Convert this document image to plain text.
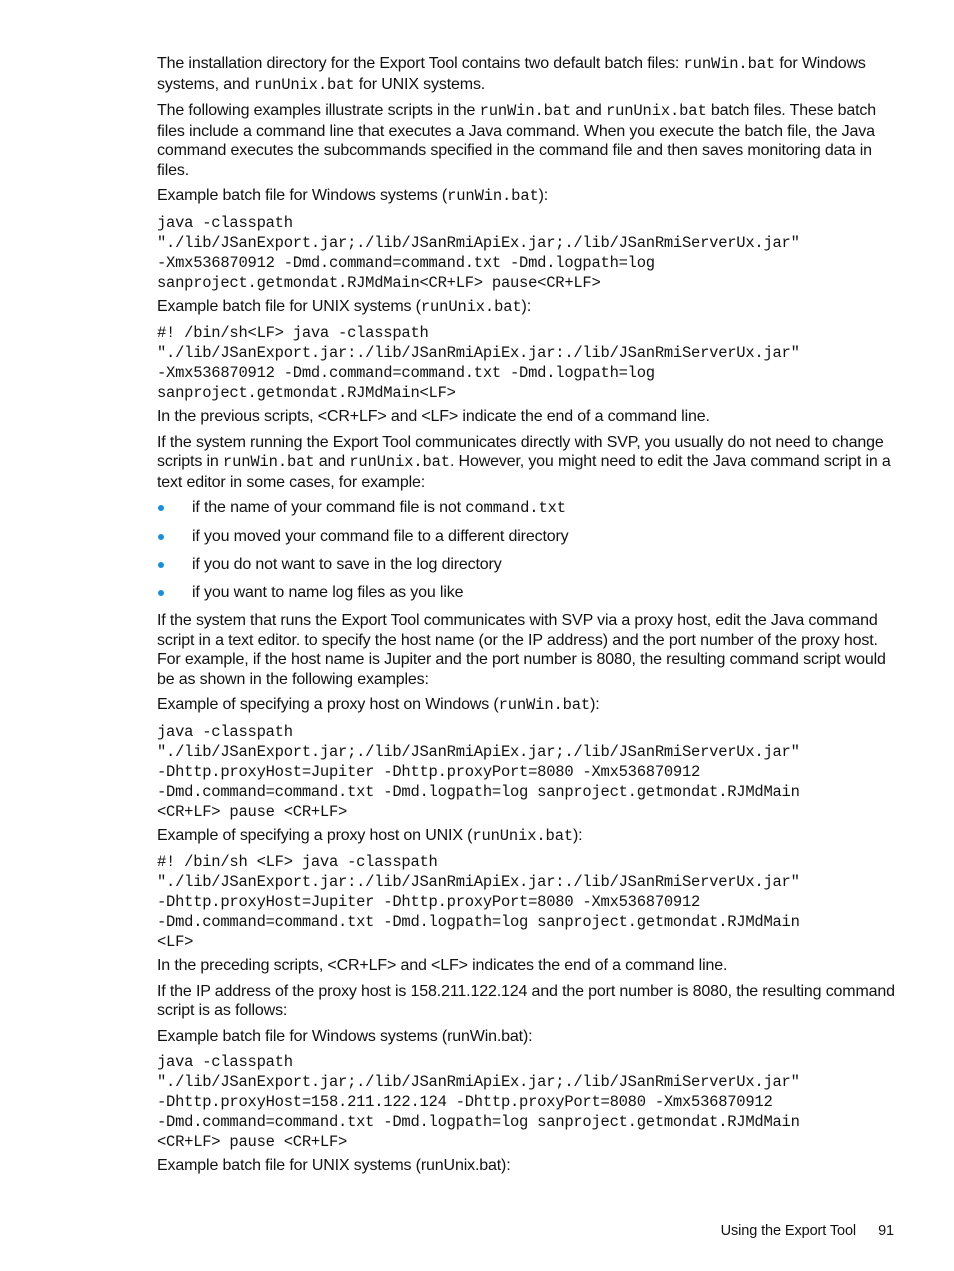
The installation directory for the Export Tool contains two default batch files: runWin.bat for Windows systems, and runUnix.bat for UNIX systems.

The following examples illustrate scripts in the runWin.bat and runUnix.bat batch files. These batch files include a command line that executes a Java command. When you execute the batch file, the Java command executes the subcommands specified in the command file and then saves monitoring data in files.

Example batch file for Windows systems (runWin.bat):

java -classpath
"./lib/JSanExport.jar;./lib/JSanRmiApiEx.jar;./lib/JSanRmiServerUx.jar"
-Xmx536870912 -Dmd.command=command.txt -Dmd.logpath=log
sanproject.getmondat.RJMdMain<CR+LF> pause<CR+LF>

Example batch file for UNIX systems (runUnix.bat):

#! /bin/sh<LF> java -classpath
"./lib/JSanExport.jar:./lib/JSanRmiApiEx.jar:./lib/JSanRmiServerUx.jar"
-Xmx536870912 -Dmd.command=command.txt -Dmd.logpath=log
sanproject.getmondat.RJMdMain<LF>

In the previous scripts, <CR+LF> and <LF> indicate the end of a command line.

If the system running the Export Tool communicates directly with SVP, you usually do not need to change scripts in runWin.bat and runUnix.bat. However, you might need to edit the Java command script in a text editor in some cases, for example:

if the name of your command file is not command.txt
if you moved your command file to a different directory
if you do not want to save in the log directory
if you want to name log files as you like

If the system that runs the Export Tool communicates with SVP via a proxy host, edit the Java command script in a text editor. to specify the host name (or the IP address) and the port number of the proxy host. For example, if the host name is Jupiter and the port number is 8080, the resulting command script would be as shown in the following examples:

Example of specifying a proxy host on Windows (runWin.bat):

java -classpath
"./lib/JSanExport.jar;./lib/JSanRmiApiEx.jar;./lib/JSanRmiServerUx.jar"
-Dhttp.proxyHost=Jupiter -Dhttp.proxyPort=8080 -Xmx536870912
-Dmd.command=command.txt -Dmd.logpath=log sanproject.getmondat.RJMdMain
<CR+LF> pause <CR+LF>

Example of specifying a proxy host on UNIX (runUnix.bat):

#! /bin/sh <LF> java -classpath
"./lib/JSanExport.jar:./lib/JSanRmiApiEx.jar:./lib/JSanRmiServerUx.jar"
-Dhttp.proxyHost=Jupiter -Dhttp.proxyPort=8080 -Xmx536870912
-Dmd.command=command.txt -Dmd.logpath=log sanproject.getmondat.RJMdMain
<LF>

In the preceding scripts, <CR+LF> and <LF> indicates the end of a command line.

If the IP address of the proxy host is 158.211.122.124 and the port number is 8080, the resulting command script is as follows:

Example batch file for Windows systems (runWin.bat):

java -classpath
"./lib/JSanExport.jar;./lib/JSanRmiApiEx.jar;./lib/JSanRmiServerUx.jar"
-Dhttp.proxyHost=158.211.122.124 -Dhttp.proxyPort=8080 -Xmx536870912
-Dmd.command=command.txt -Dmd.logpath=log sanproject.getmondat.RJMdMain
<CR+LF> pause <CR+LF>

Example batch file for UNIX systems (runUnix.bat):

Using the Export Tool 91
